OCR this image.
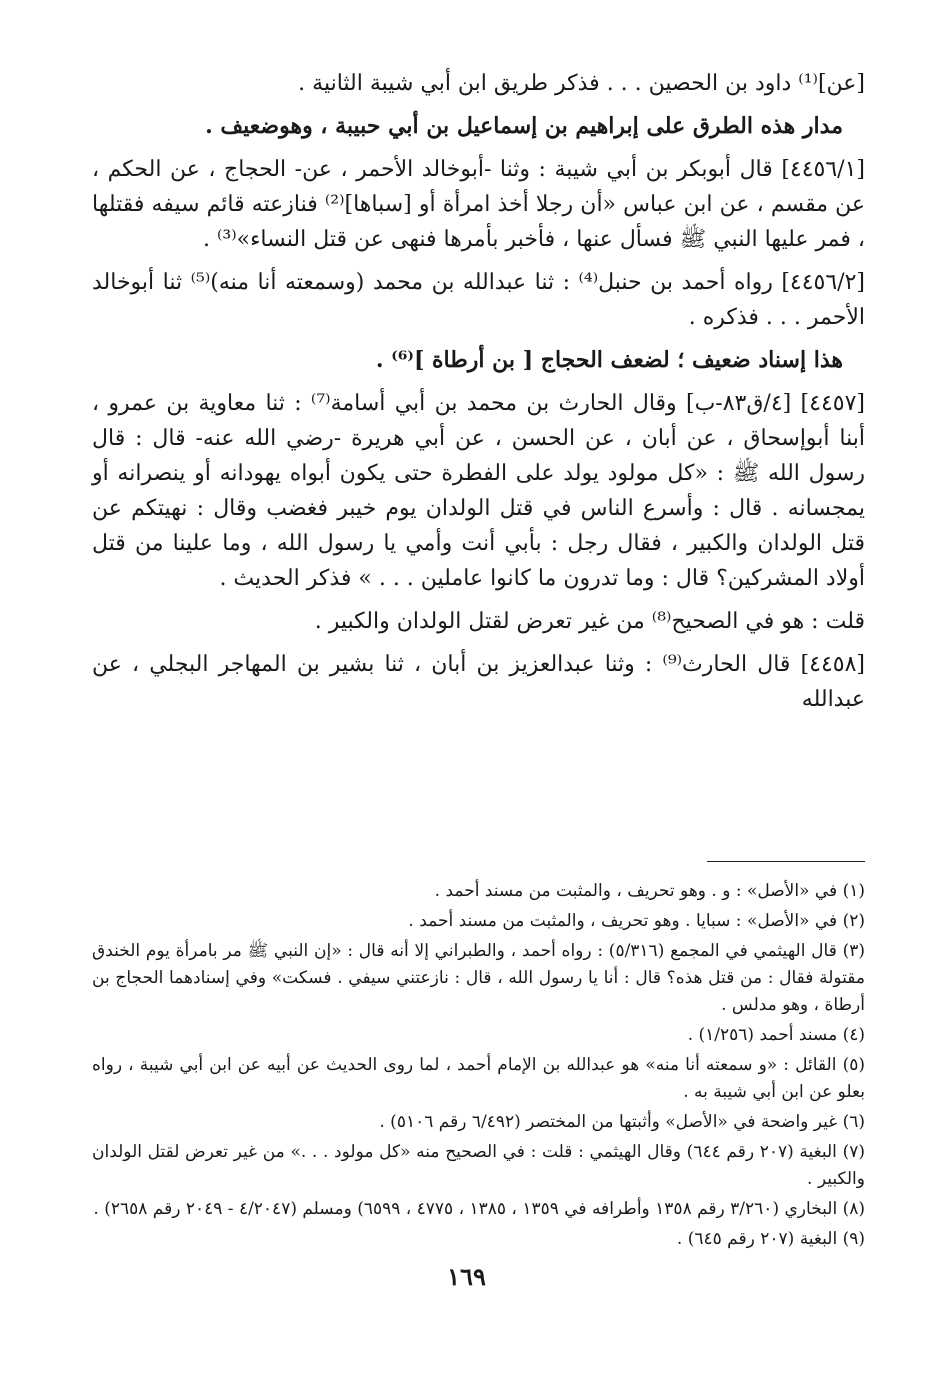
[عن]⁽¹⁾ داود بن الحصين . . . فذكر طريق ابن أبي شيبة الثانية .

مدار هذه الطرق على إبراهيم بن إسماعيل بن أبي حبيبة ، وهوضعيف .

[٤٤٥٦/١] قال أبوبكر بن أبي شيبة : وثنا -أبوخالد الأحمر ، عن- الحجاج ، عن الحكم ، عن مقسم ، عن ابن عباس «أن رجلا أخذ امرأة أو [سباها]⁽²⁾ فنازعته قائم سيفه فقتلها ، فمر عليها النبي ﷺ فسأل عنها ، فأخبر بأمرها فنهى عن قتل النساء»⁽³⁾ .

[٤٤٥٦/٢] رواه أحمد بن حنبل⁽⁴⁾ : ثنا عبدالله بن محمد (وسمعته أنا منه)⁽⁵⁾ ثنا أبوخالد الأحمر . . . فذكره .

هذا إسناد ضعيف ؛ لضعف الحجاج [ بن أرطاة ]⁽⁶⁾ .

[٤٤٥٧] [٤/ق٨٣-ب] وقال الحارث بن محمد بن أبي أسامة⁽⁷⁾ : ثنا معاوية بن عمرو ، أبنا أبوإسحاق ، عن أبان ، عن الحسن ، عن أبي هريرة -رضي الله عنه- قال : قال رسول الله ﷺ : «كل مولود يولد على الفطرة حتى يكون أبواه يهودانه أو ينصرانه أو يمجسانه . قال : وأسرع الناس في قتل الولدان يوم خيبر فغضب وقال : نهيتكم عن قتل الولدان والكبير ، فقال رجل : بأبي أنت وأمي يا رسول الله ، وما علينا من قتل أولاد المشركين؟ قال : وما تدرون ما كانوا عاملين . . . » فذكر الحديث .

قلت : هو في الصحيح⁽⁸⁾ من غير تعرض لقتل الولدان والكبير .

[٤٤٥٨] قال الحارث⁽⁹⁾ : وثنا عبدالعزيز بن أبان ، ثنا بشير بن المهاجر البجلي ، عن عبدالله

(١) في «الأصل» : و . وهو تحريف ، والمثبت من مسند أحمد .

(٢) في «الأصل» : سبايا . وهو تحريف ، والمثبت من مسند أحمد .

(٣) قال الهيثمي في المجمع (٥/٣١٦) : رواه أحمد ، والطبراني إلا أنه قال : «إن النبي ﷺ مر بامرأة يوم الخندق مقتولة فقال : من قتل هذه؟ قال : أنا يا رسول الله ، قال : نازعتني سيفي . فسكت» وفي إسنادهما الحجاج بن أرطاة ، وهو مدلس .

(٤) مسند أحمد (١/٢٥٦) .

(٥) القائل : «و سمعته أنا منه» هو عبدالله بن الإمام أحمد ، لما روى الحديث عن أبيه عن ابن أبي شيبة ، رواه بعلو عن ابن أبي شيبة به .

(٦) غير واضحة في «الأصل» وأثبتها من المختصر (٦/٤٩٢ رقم ٥١٠٦) .

(٧) البغية (٢٠٧ رقم ٦٤٤) وقال الهيثمي : قلت : في الصحيح منه «كل مولود . . .» من غير تعرض لقتل الولدان والكبير .

(٨) البخاري (٣/٢٦٠ رقم ١٣٥٨ وأطرافه في ١٣٥٩ ، ١٣٨٥ ، ٤٧٧٥ ، ٦٥٩٩) ومسلم (٤/٢٠٤٧ - ٢٠٤٩ رقم ٢٦٥٨) .

(٩) البغية (٢٠٧ رقم ٦٤٥) .

١٦٩
